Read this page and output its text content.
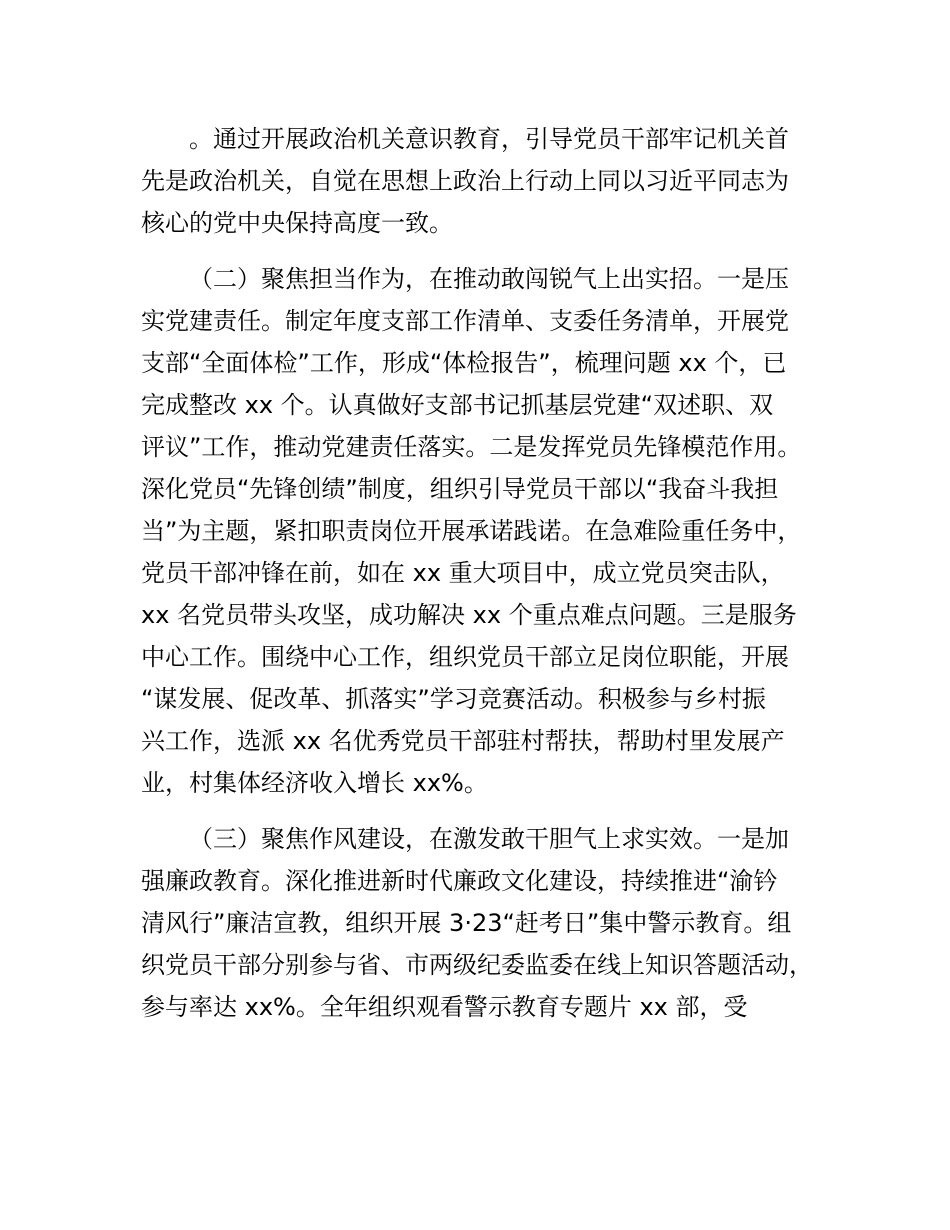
。通过开展政治机关意识教育，引导党员干部牢记机关首
先是政治机关，自觉在思想上政治上行动上同以习近平同志为
核心的党中央保持高度一致。
（二）聚焦担当作为，在推动敢闯锐气上出实招。一是压
实党建责任。制定年度支部工作清单、支委任务清单，开展党
支部“全面体检”工作，形成“体检报告”，梳理问题 xx 个，已
完成整改 xx 个。认真做好支部书记抓基层党建“双述职、双
评议”工作，推动党建责任落实。二是发挥党员先锋模范作用。
深化党员“先锋创绩”制度，组织引导党员干部以“我奋斗我担
当”为主题，紧扣职责岗位开展承诺践诺。在急难险重任务中，
党员干部冲锋在前，如在 xx 重大项目中，成立党员突击队，
xx 名党员带头攻坚，成功解决 xx 个重点难点问题。三是服务
中心工作。围绕中心工作，组织党员干部立足岗位职能，开展
“谋发展、促改革、抓落实”学习竞赛活动。积极参与乡村振
兴工作，选派 xx 名优秀党员干部驻村帮扶，帮助村里发展产
业，村集体经济收入增长 xx%。
（三）聚焦作风建设，在激发敢干胆气上求实效。一是加
强廉政教育。深化推进新时代廉政文化建设，持续推进“渝钤
清风行”廉洁宣教，组织开展 3·23“赶考日”集中警示教育。组
织党员干部分别参与省、市两级纪委监委在线上知识答题活动，
参与率达 xx%。全年组织观看警示教育专题片 xx 部，受
